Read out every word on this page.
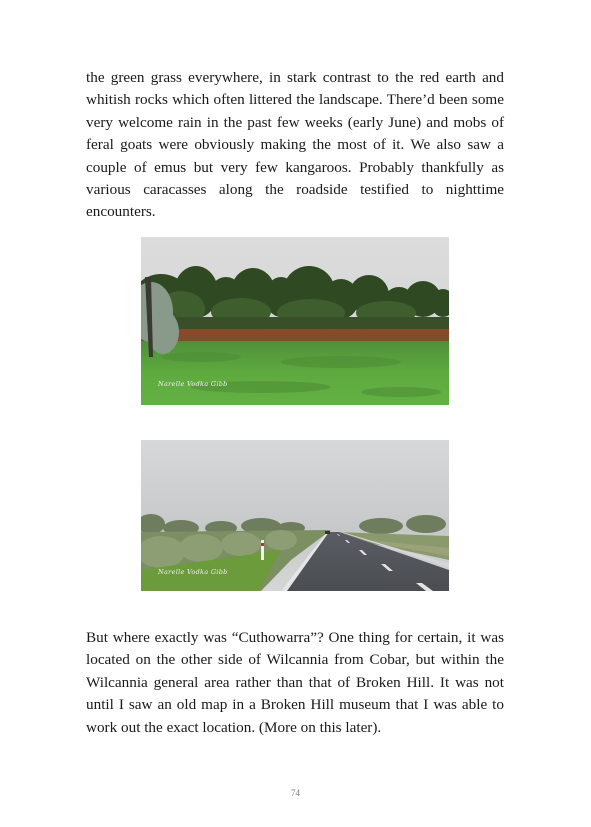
the green grass everywhere, in stark contrast to the red earth and whitish rocks which often littered the landscape. There’d been some very welcome rain in the past few weeks (early June) and mobs of feral goats were obviously making the most of it. We also saw a couple of emus but very few kangaroos. Probably thankfully as various caracasses along the roadside testified to nighttime encounters.

Narelle Vodka Gibb
Narelle Vodka Gibb

But where exactly was “Cuthowarra”? One thing for certain, it was located on the other side of Wilcannia from Cobar, but within the Wilcannia general area rather than that of Broken Hill. It was not until I saw an old map in a Broken Hill museum that I was able to work out the exact location. (More on this later).

74
